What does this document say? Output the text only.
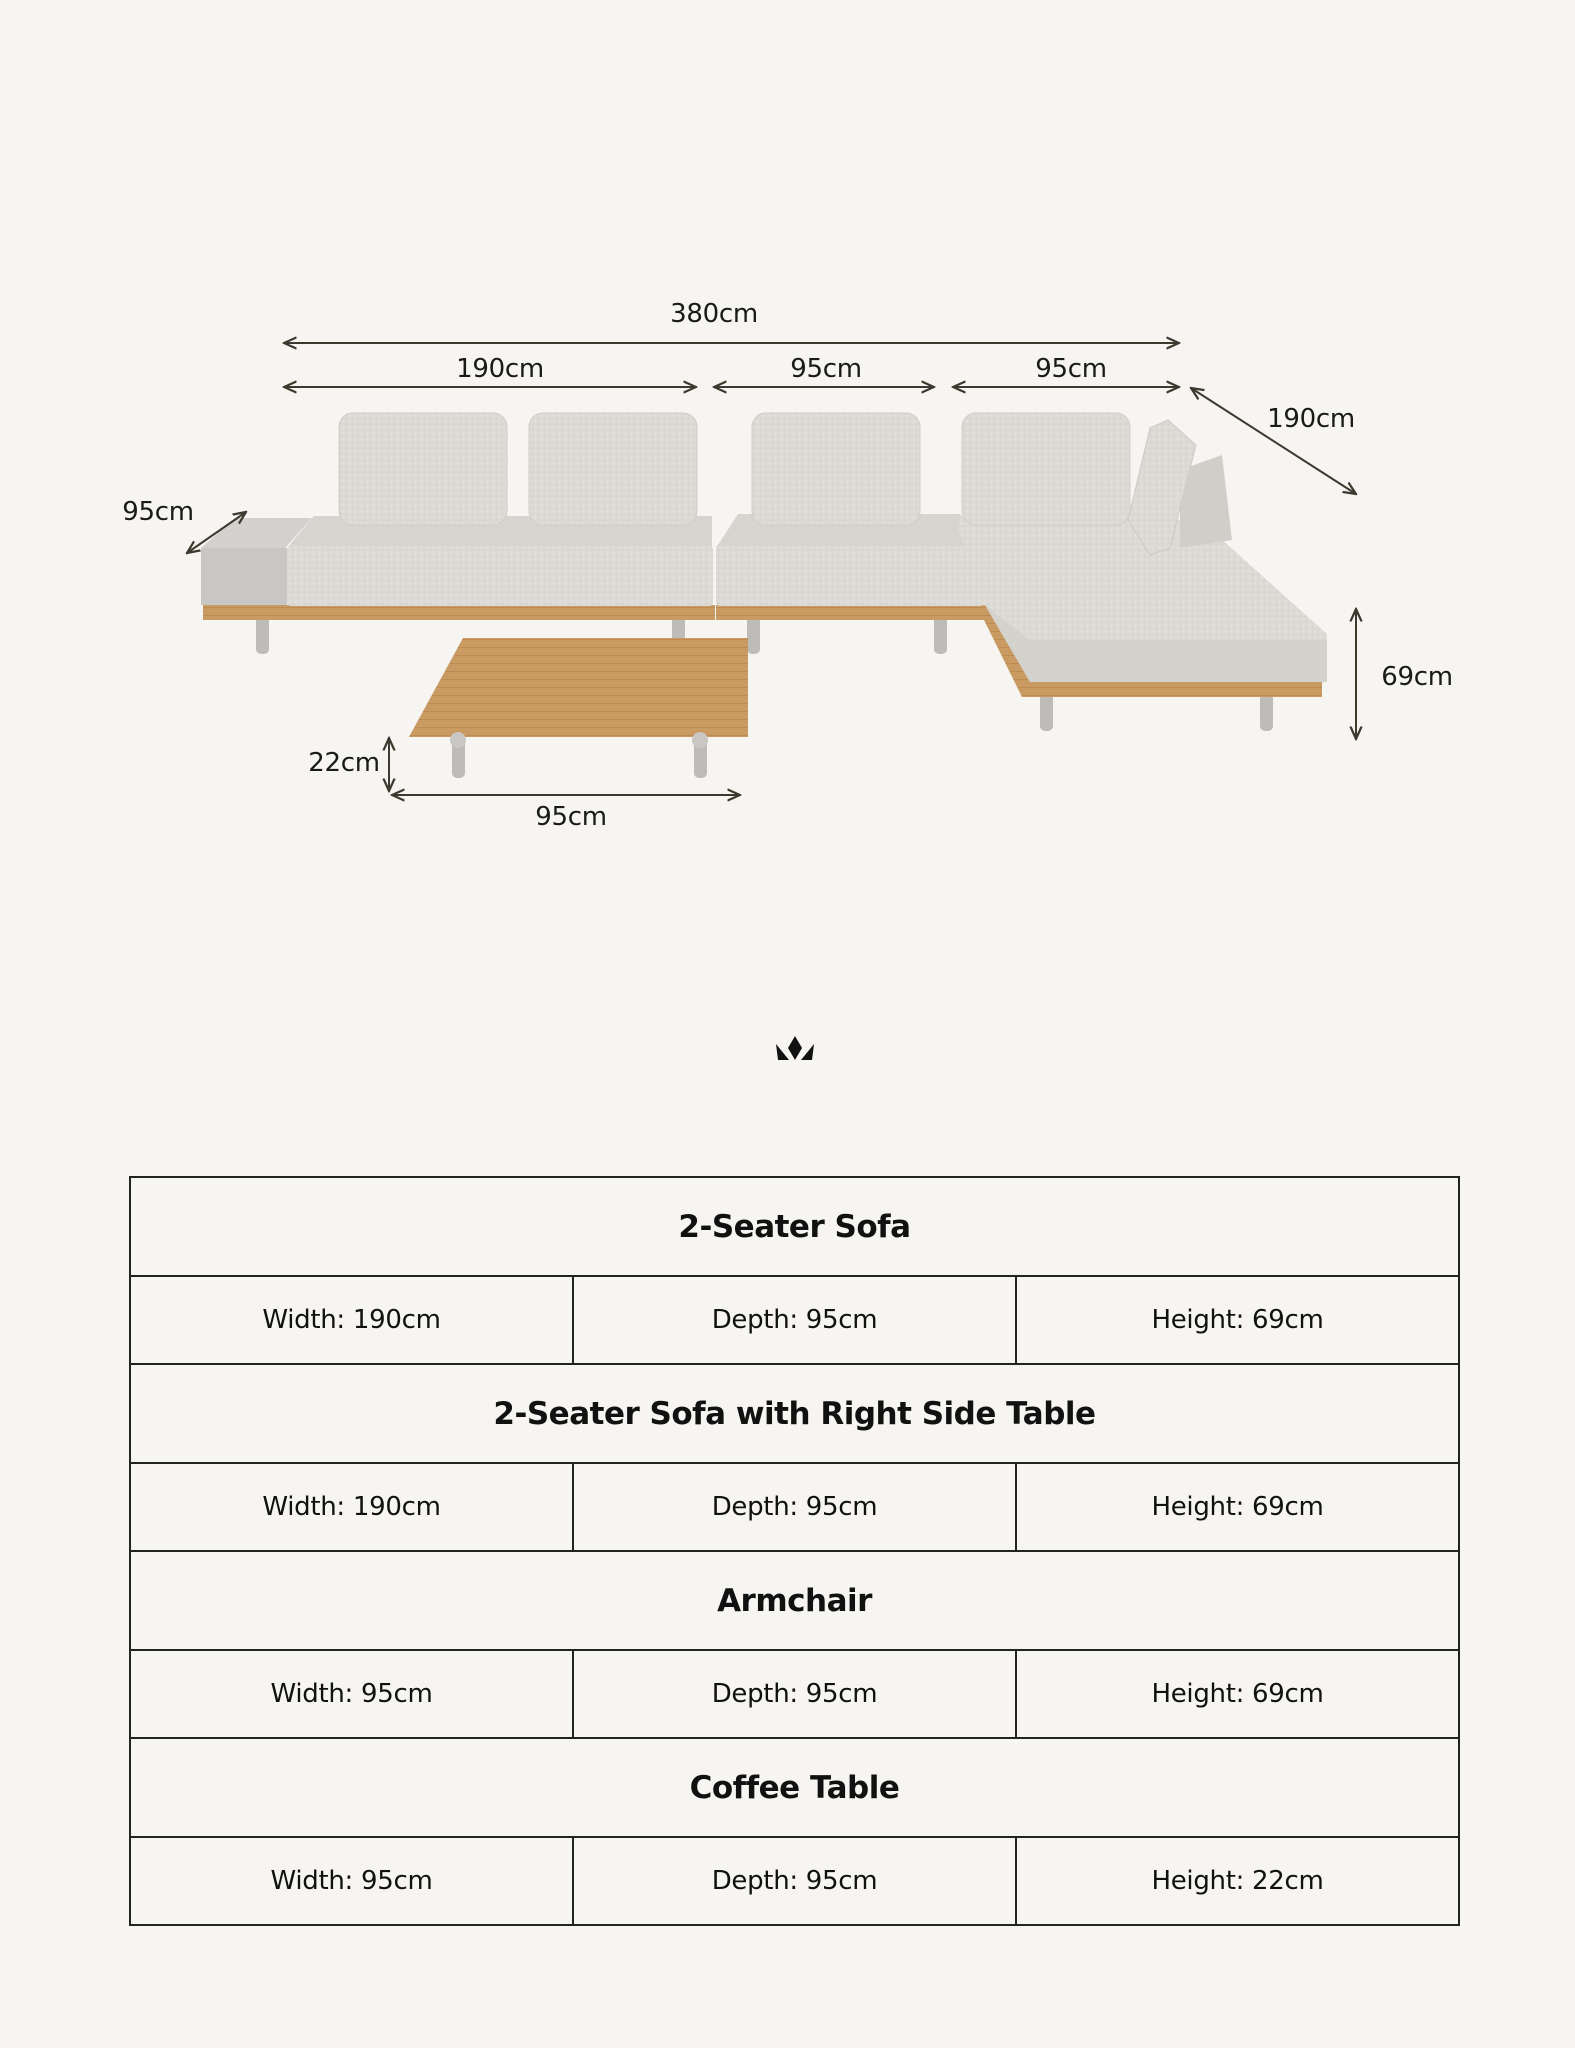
380cm
190cm	95cm	95cm
190cm
95cm
69cm
22cm
95cm
2-Seater Sofa		
Width: 190cm	Depth: 95cm	Height: 69cm
2-Seater Sofa with Right Side Table		
Width: 190cm	Depth: 95cm	Height: 69cm
Armchair		
Width: 95cm	Depth: 95cm	Height: 69cm
Coffee Table		
Width: 95cm	Depth: 95cm	Height: 22cm
